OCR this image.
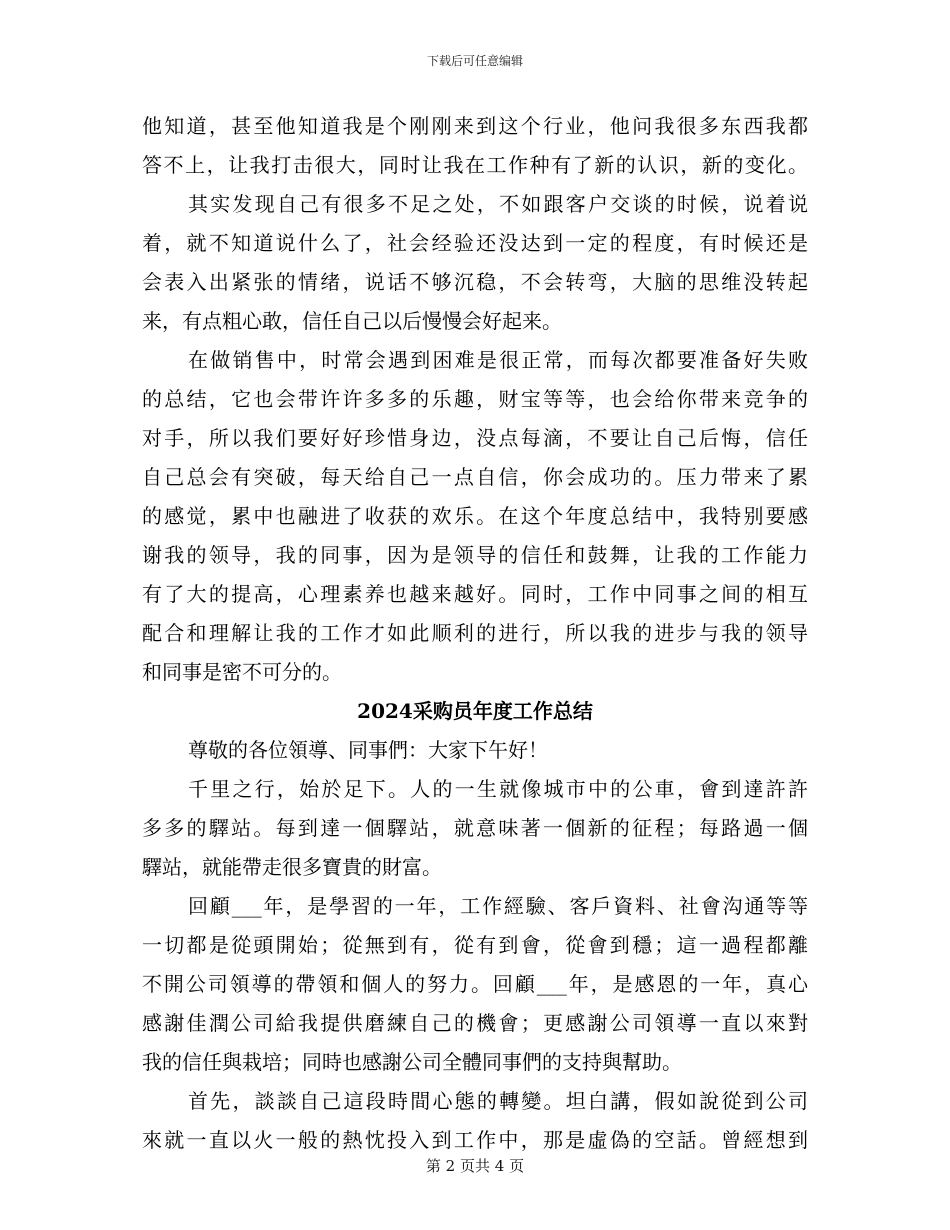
下载后可任意编辑
他知道，甚至他知道我是个刚刚来到这个行业，他问我很多东西我都
答不上，让我打击很大，同时让我在工作种有了新的认识，新的变化。
其实发现自己有很多不足之处，不如跟客户交谈的时候，说着说
着，就不知道说什么了，社会经验还没达到一定的程度，有时候还是
会表入出紧张的情绪，说话不够沉稳，不会转弯，大脑的思维没转起
来，有点粗心敢，信任自己以后慢慢会好起来。
在做销售中，时常会遇到困难是很正常，而每次都要准备好失败
的总结，它也会带许许多多的乐趣，财宝等等，也会给你带来竞争的
对手，所以我们要好好珍惜身边，没点每滴，不要让自己后悔，信任
自己总会有突破，每天给自己一点自信，你会成功的。压力带来了累
的感觉，累中也融进了收获的欢乐。在这个年度总结中，我特别要感
谢我的领导，我的同事，因为是领导的信任和鼓舞，让我的工作能力
有了大的提高，心理素养也越来越好。同时，工作中同事之间的相互
配合和理解让我的工作才如此顺利的进行，所以我的进步与我的领导
和同事是密不可分的。
2024采购员年度工作总结
尊敬的各位領導、同事們：大家下午好！
千里之行，始於足下。人的一生就像城市中的公車，會到達許許
多多的驛站。每到達一個驛站，就意味著一個新的征程；每路過一個
驛站，就能帶走很多寶貴的財富。
回顧___年，是學習的一年，工作經驗、客戶資料、社會沟通等等
一切都是從頭開始；從無到有，從有到會，從會到穩；這一過程都離
不開公司領導的帶領和個人的努力。回顧___年，是感恩的一年，真心
感謝佳潤公司給我提供磨練自己的機會；更感謝公司領導一直以來對
我的信任與栽培；同時也感謝公司全體同事們的支持與幫助。
首先，談談自己這段時間心態的轉變。坦白講，假如說從到公司
來就一直以火一般的熱忱投入到工作中，那是虛偽的空話。曾經想到
第 2 页共 4 页
